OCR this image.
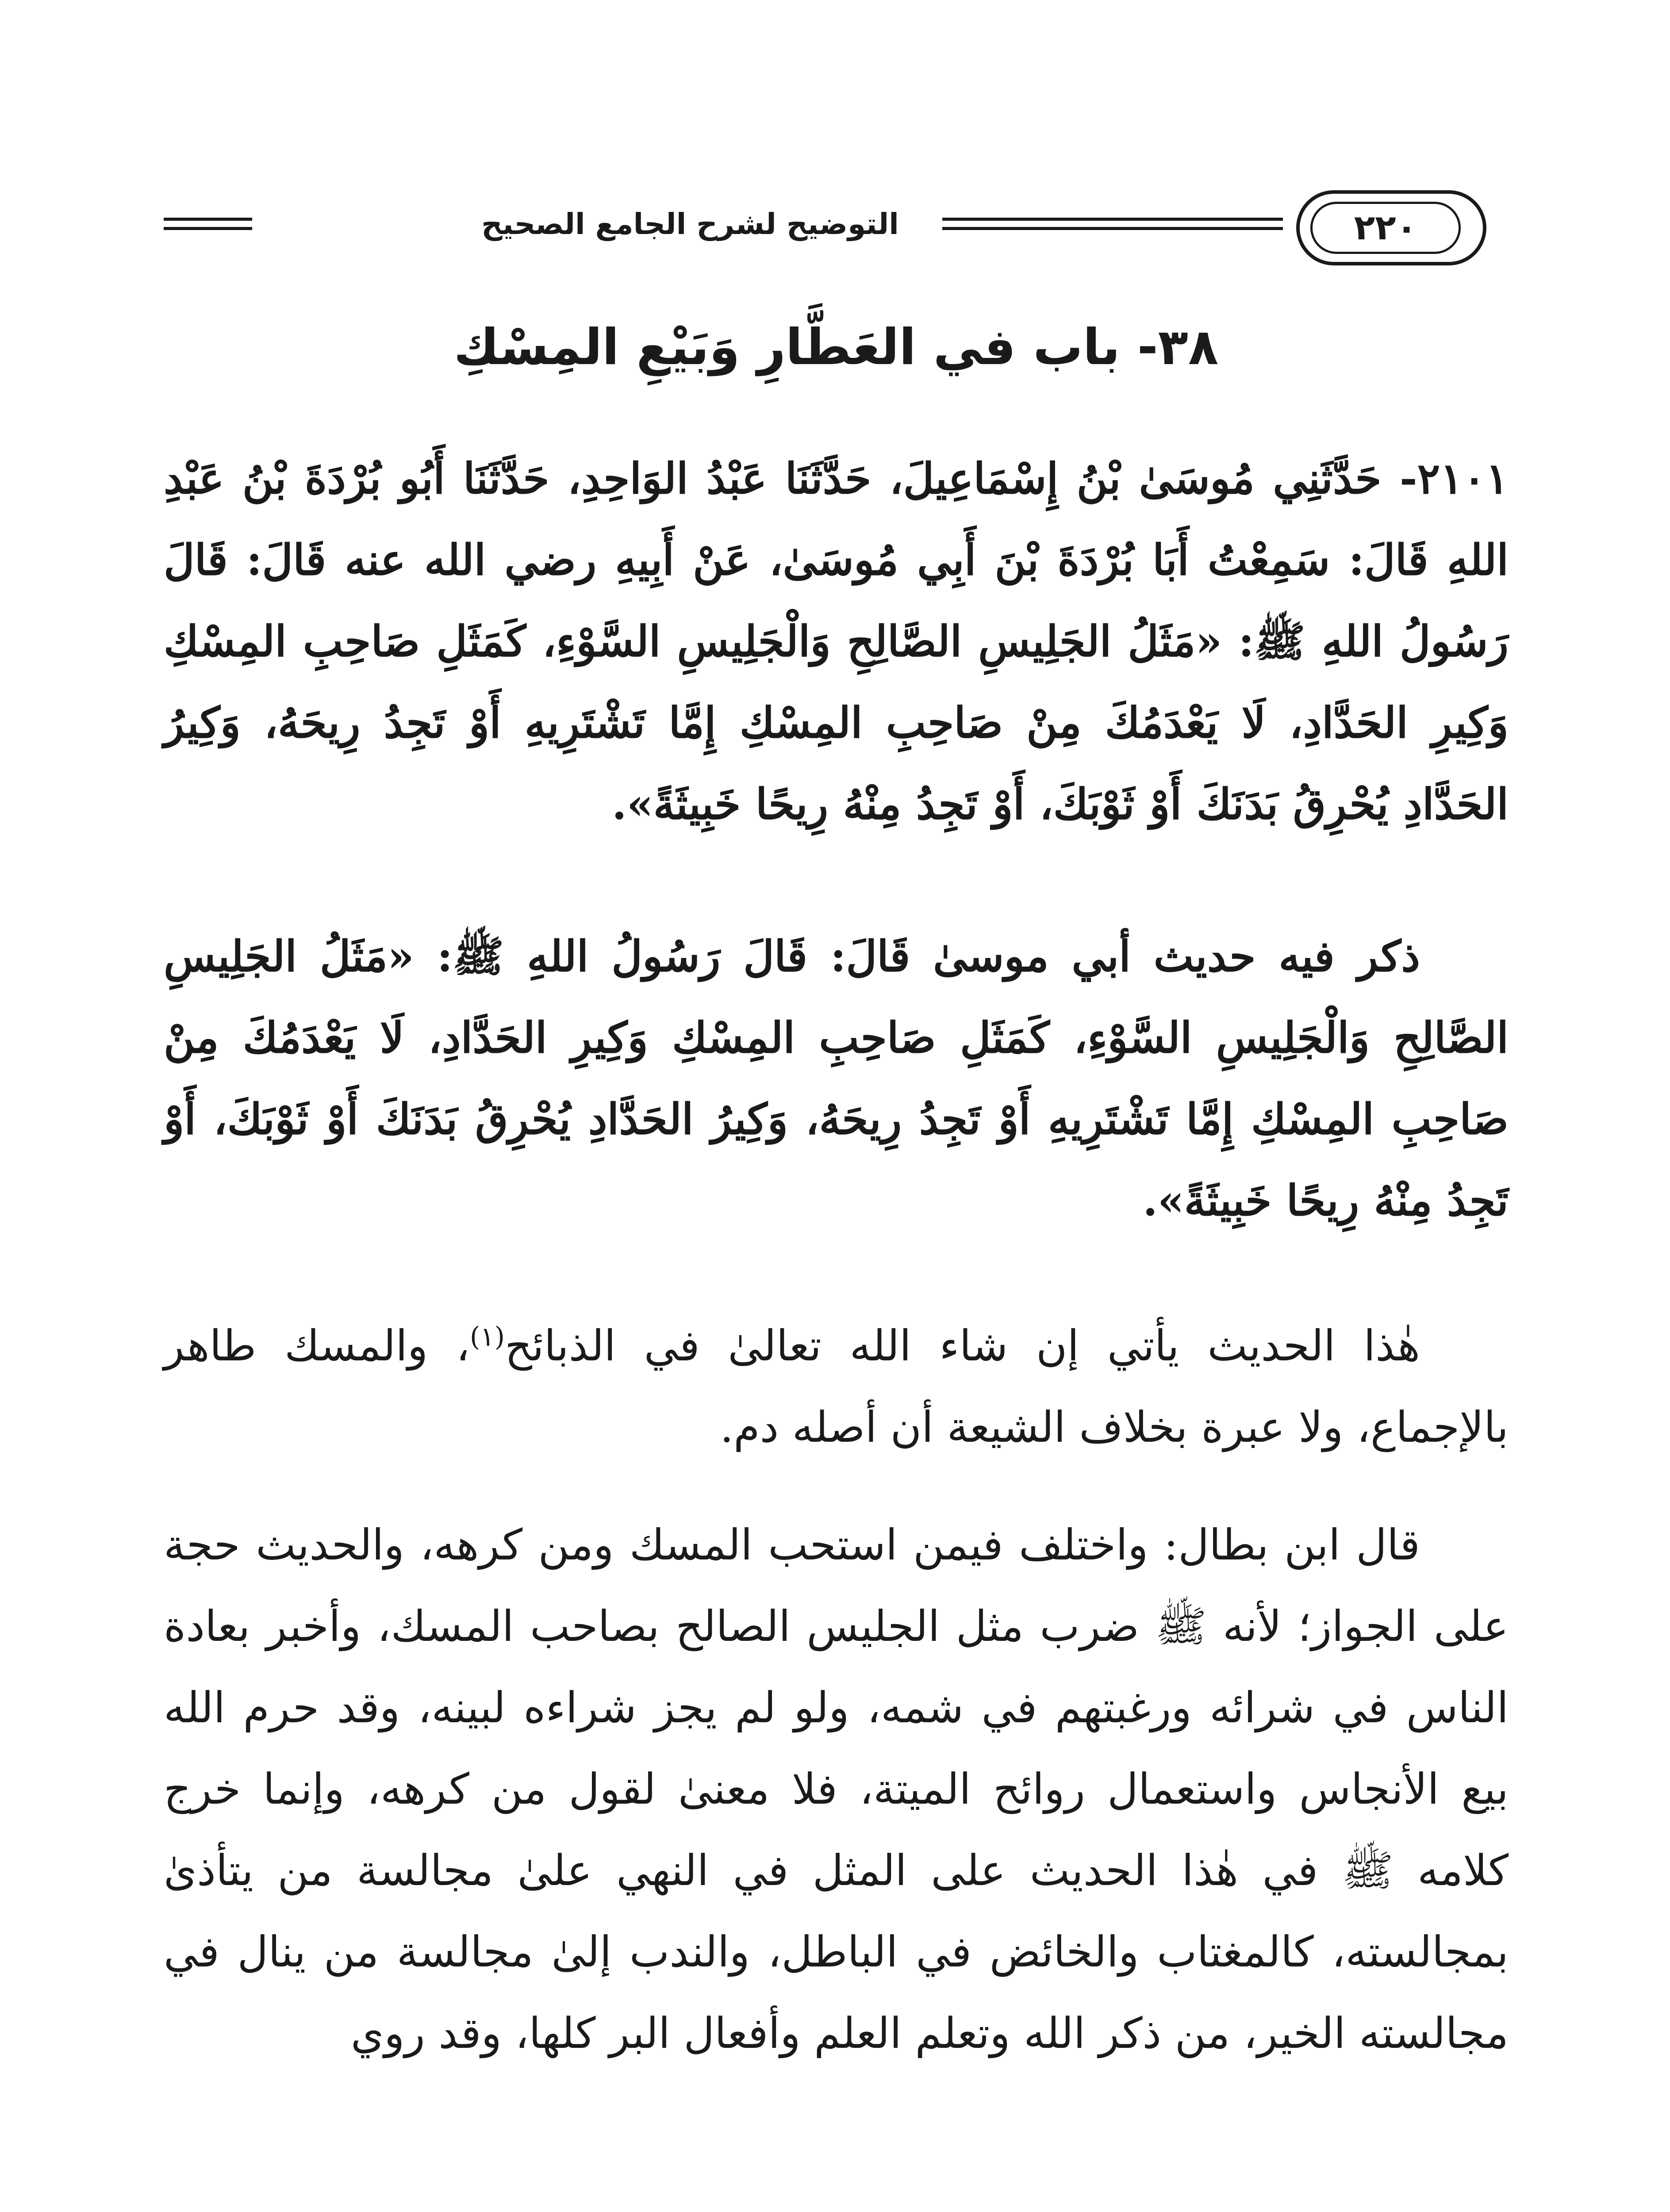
التوضيح لشرح الجامع الصحيح	٢٢٠
٣٨- باب في العَطَّارِ وَبَيْعِ المِسْكِ
٢١٠١- حَدَّثَنِي مُوسَىٰ بْنُ إِسْمَاعِيلَ، حَدَّثَنَا عَبْدُ الوَاحِدِ، حَدَّثَنَا أَبُو بُرْدَةَ بْنُ عَبْدِ اللهِ قَالَ: سَمِعْتُ أَبَا بُرْدَةَ بْنَ أَبِي مُوسَىٰ، عَنْ أَبِيهِ رضي الله عنه قَالَ: قَالَ رَسُولُ اللهِ ﷺ: «مَثَلُ الجَلِيسِ الصَّالِحِ وَالْجَلِيسِ السَّوْءِ، كَمَثَلِ صَاحِبِ المِسْكِ وَكِيرِ الحَدَّادِ، لَا يَعْدَمُكَ مِنْ صَاحِبِ المِسْكِ إِمَّا تَشْتَرِيهِ أَوْ تَجِدُ رِيحَهُ، وَكِيرُ الحَدَّادِ يُحْرِقُ بَدَنَكَ أَوْ ثَوْبَكَ، أَوْ تَجِدُ مِنْهُ رِيحًا خَبِيثَةً».
ذكر فيه حديث أبي موسىٰ قَالَ: قَالَ رَسُولُ اللهِ ﷺ: «مَثَلُ الجَلِيسِ الصَّالِحِ وَالْجَلِيسِ السَّوْءِ، كَمَثَلِ صَاحِبِ المِسْكِ وَكِيرِ الحَدَّادِ، لَا يَعْدَمُكَ مِنْ صَاحِبِ المِسْكِ إِمَّا تَشْتَرِيهِ أَوْ تَجِدُ رِيحَهُ، وَكِيرُ الحَدَّادِ يُحْرِقُ بَدَنَكَ أَوْ ثَوْبَكَ، أَوْ تَجِدُ مِنْهُ رِيحًا خَبِيثَةً».
هٰذا الحديث يأتي إن شاء الله تعالىٰ في الذبائح$^{(١)}$، والمسك طاهر بالإجماع، ولا عبرة بخلاف الشيعة أن أصله دم.
قال ابن بطال: واختلف فيمن استحب المسك ومن كرهه، والحديث حجة على الجواز؛ لأنه ﷺ ضرب مثل الجليس الصالح بصاحب المسك، وأخبر بعادة الناس في شرائه ورغبتهم في شمه، ولو لم يجز شراءه لبينه، وقد حرم الله بيع الأنجاس واستعمال روائح الميتة، فلا معنىٰ لقول من كرهه، وإنما خرج كلامه ﷺ في هٰذا الحديث على المثل في النهي علىٰ مجالسة من يتأذىٰ بمجالسته، كالمغتاب والخائض في الباطل، والندب إلىٰ مجالسة من ينال في مجالسته الخير، من ذكر الله وتعلم العلم وأفعال البر كلها، وقد روي
